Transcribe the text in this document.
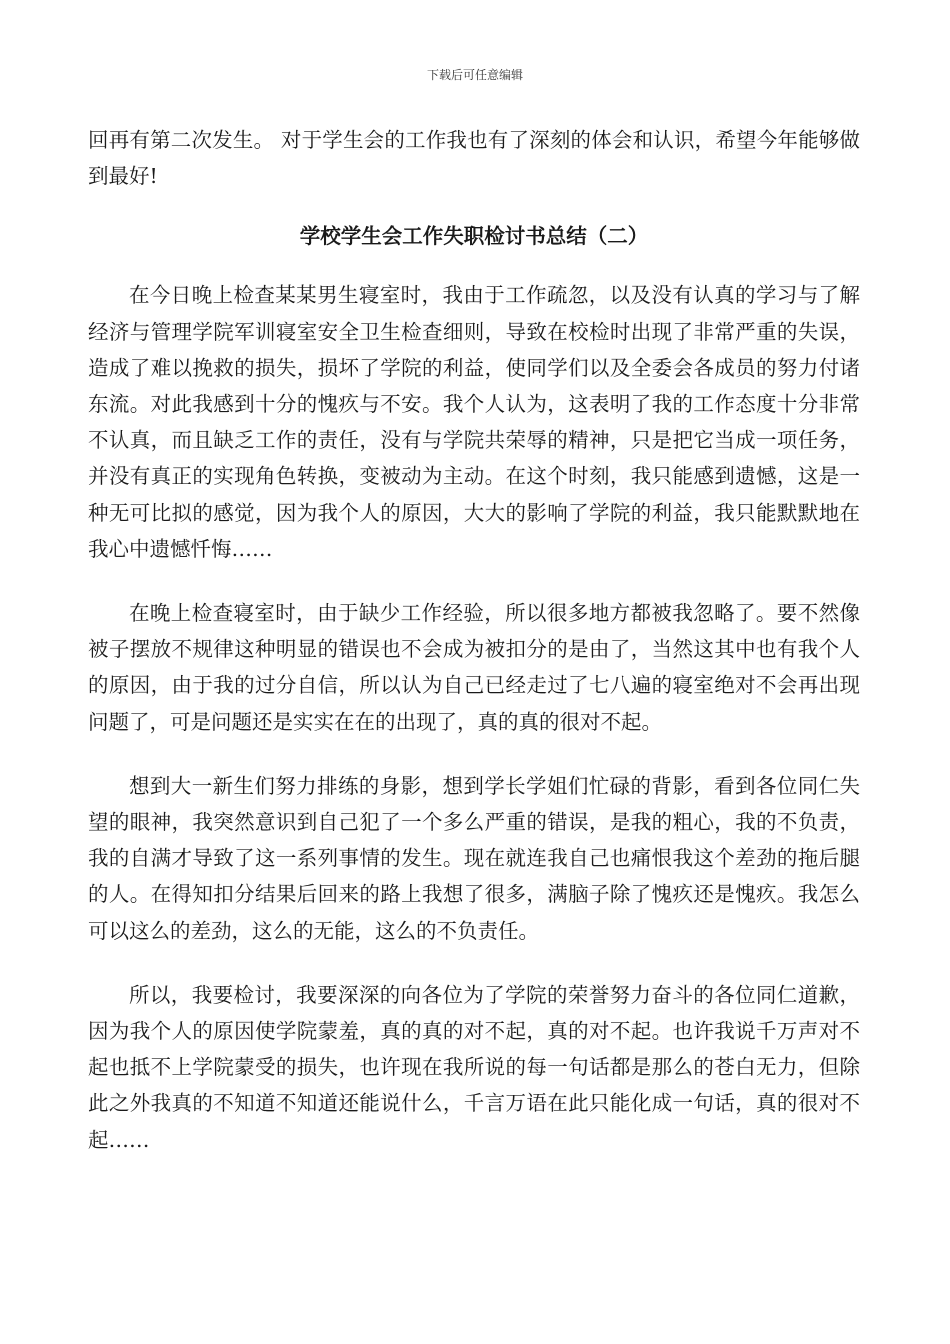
下载后可任意编辑

回再有第二次发生。 对于学生会的工作我也有了深刻的体会和认识，希望今年能够做到最好!

学校学生会工作失职检讨书总结（二）

在今日晚上检查某某男生寝室时，我由于工作疏忽，以及没有认真的学习与了解经济与管理学院军训寝室安全卫生检查细则，导致在校检时出现了非常严重的失误，造成了难以挽救的损失，损坏了学院的利益，使同学们以及全委会各成员的努力付诸东流。对此我感到十分的愧疚与不安。我个人认为，这表明了我的工作态度十分非常不认真，而且缺乏工作的责任，没有与学院共荣辱的精神，只是把它当成一项任务，并没有真正的实现角色转换，变被动为主动。在这个时刻，我只能感到遗憾，这是一种无可比拟的感觉，因为我个人的原因，大大的影响了学院的利益，我只能默默地在我心中遗憾忏悔……

在晚上检查寝室时，由于缺少工作经验，所以很多地方都被我忽略了。要不然像被子摆放不规律这种明显的错误也不会成为被扣分的是由了，当然这其中也有我个人的原因，由于我的过分自信，所以认为自己已经走过了七八遍的寝室绝对不会再出现问题了，可是问题还是实实在在的出现了，真的真的很对不起。

想到大一新生们努力排练的身影，想到学长学姐们忙碌的背影，看到各位同仁失望的眼神，我突然意识到自己犯了一个多么严重的错误，是我的粗心，我的不负责，我的自满才导致了这一系列事情的发生。现在就连我自己也痛恨我这个差劲的拖后腿的人。在得知扣分结果后回来的路上我想了很多，满脑子除了愧疚还是愧疚。我怎么可以这么的差劲，这么的无能，这么的不负责任。

所以，我要检讨，我要深深的向各位为了学院的荣誉努力奋斗的各位同仁道歉，因为我个人的原因使学院蒙羞，真的真的对不起，真的对不起。也许我说千万声对不起也抵不上学院蒙受的损失，也许现在我所说的每一句话都是那么的苍白无力，但除此之外我真的不知道不知道还能说什么，千言万语在此只能化成一句话，真的很对不起……
